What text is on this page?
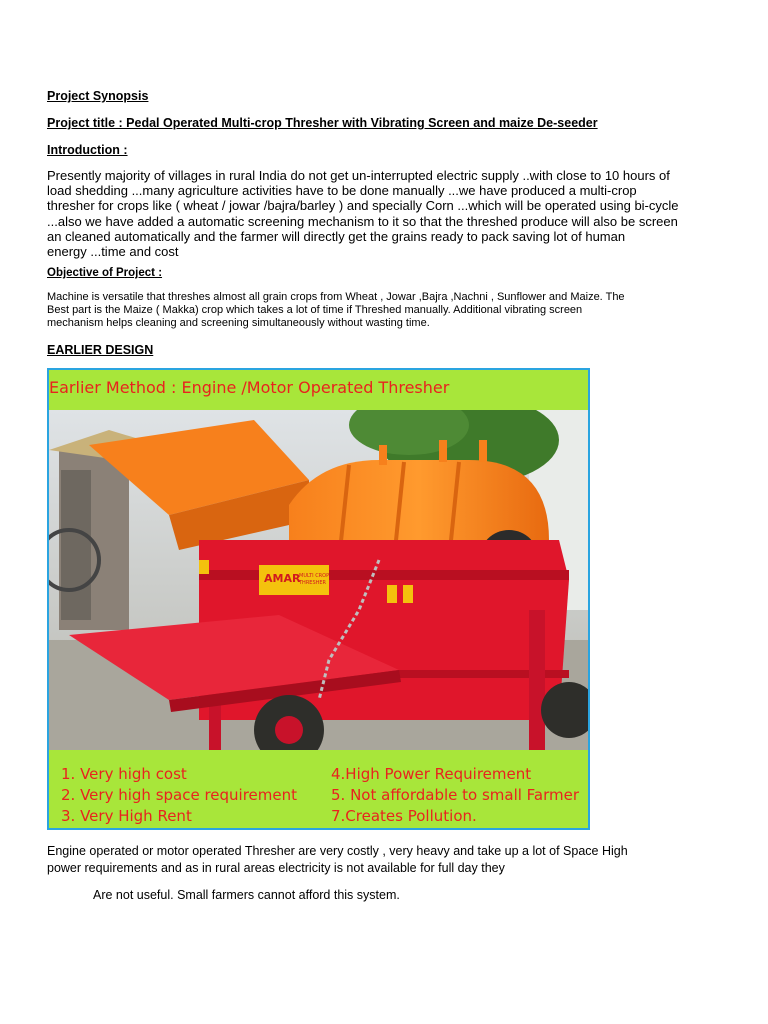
Project Synopsis
Project title : Pedal Operated Multi-crop Thresher with Vibrating Screen and maize De-seeder
Introduction :
Presently majority of villages in rural India do not get un-interrupted electric supply ..with close to 10 hours of
load shedding ...many agriculture activities have to be done manually ...we have produced a multi-crop
thresher for crops like ( wheat / jowar /bajra/barley ) and specially Corn ...which will be operated using bi-cycle
...also we have added a automatic screening mechanism to it so that the threshed produce will also be screen
an cleaned automatically and the farmer will directly get the grains ready to pack saving lot of human
energy ...time and cost
Objective of Project :
Machine is versatile that threshes almost all grain crops from Wheat , Jowar ,Bajra ,Nachni , Sunflower and Maize. The
Best part is the Maize ( Makka) crop which takes a lot of time if Threshed manually. Additional vibrating screen
mechanism helps cleaning and screening simultaneously without wasting time.
EARLIER DESIGN
Earlier Method : Engine /Motor Operated Thresher
AMAR
MULTI CROP
THRESHER
1. Very high cost
2. Very high space requirement
3. Very High Rent
4.High Power Requirement
5. Not affordable to small Farmer
7.Creates Pollution.
Engine operated or motor operated Thresher are very costly , very heavy and take up a lot of Space High
power requirements and as in rural areas electricity is not available for full day they
Are not useful. Small farmers cannot afford this system.
